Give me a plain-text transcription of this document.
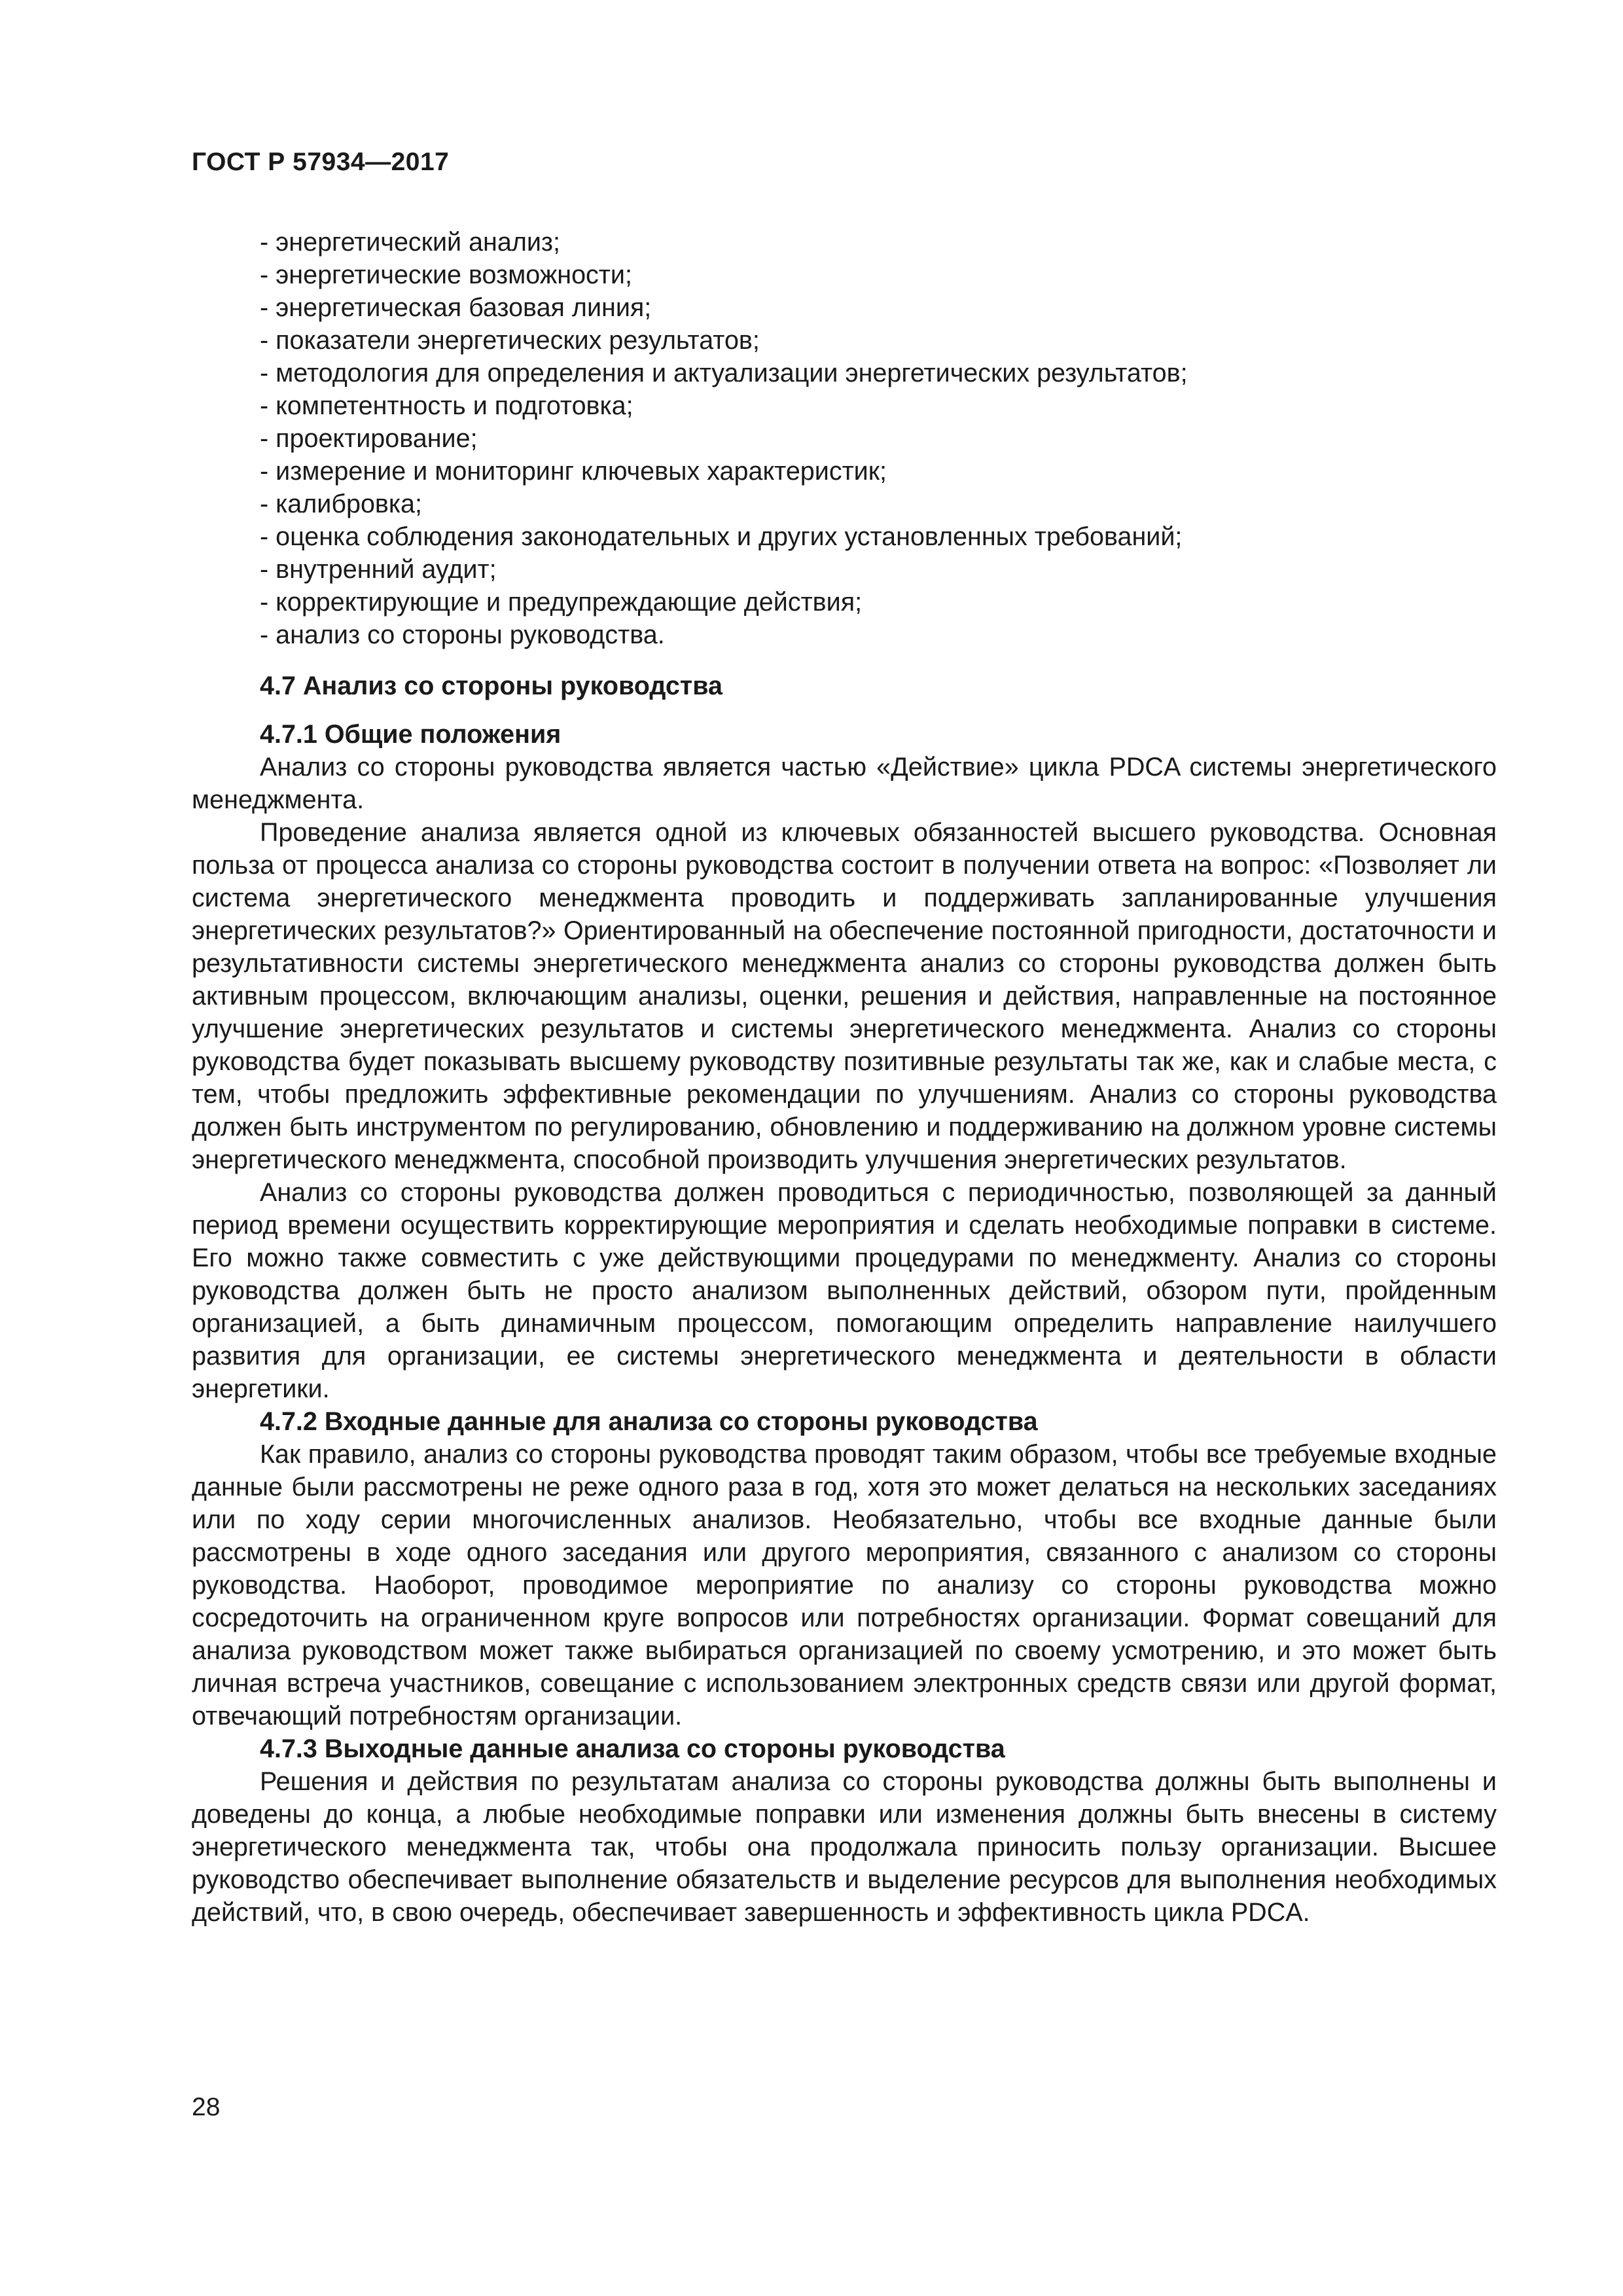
ГОСТ Р 57934—2017
- энергетический анализ;
- энергетические возможности;
- энергетическая базовая линия;
- показатели энергетических результатов;
- методология для определения и актуализации энергетических результатов;
- компетентность и подготовка;
- проектирование;
- измерение и мониторинг ключевых характеристик;
- калибровка;
- оценка соблюдения законодательных и других установленных требований;
- внутренний аудит;
- корректирующие и предупреждающие действия;
- анализ со стороны руководства.

4.7 Анализ со стороны руководства

4.7.1 Общие положения

Анализ со стороны руководства является частью «Действие» цикла PDCA системы энергетического менеджмента.

Проведение анализа является одной из ключевых обязанностей высшего руководства. Основная польза от процесса анализа со стороны руководства состоит в получении ответа на вопрос: «Позволяет ли система энергетического менеджмента проводить и поддерживать запланированные улучшения энергетических результатов?» Ориентированный на обеспечение постоянной пригодности, достаточности и результативности системы энергетического менеджмента анализ со стороны руководства должен быть активным процессом, включающим анализы, оценки, решения и действия, направленные на постоянное улучшение энергетических результатов и системы энергетического менеджмента. Анализ со стороны руководства будет показывать высшему руководству позитивные результаты так же, как и слабые места, с тем, чтобы предложить эффективные рекомендации по улучшениям. Анализ со стороны руководства должен быть инструментом по регулированию, обновлению и поддерживанию на должном уровне системы энергетического менеджмента, способной производить улучшения энергетических результатов.

Анализ со стороны руководства должен проводиться с периодичностью, позволяющей за данный период времени осуществить корректирующие мероприятия и сделать необходимые поправки в системе. Его можно также совместить с уже действующими процедурами по менеджменту. Анализ со стороны руководства должен быть не просто анализом выполненных действий, обзором пути, пройденным организацией, а быть динамичным процессом, помогающим определить направление наилучшего развития для организации, ее системы энергетического менеджмента и деятельности в области энергетики.

4.7.2 Входные данные для анализа со стороны руководства

Как правило, анализ со стороны руководства проводят таким образом, чтобы все требуемые входные данные были рассмотрены не реже одного раза в год, хотя это может делаться на нескольких заседаниях или по ходу серии многочисленных анализов. Необязательно, чтобы все входные данные были рассмотрены в ходе одного заседания или другого мероприятия, связанного с анализом со стороны руководства. Наоборот, проводимое мероприятие по анализу со стороны руководства можно сосредоточить на ограниченном круге вопросов или потребностях организации. Формат совещаний для анализа руководством может также выбираться организацией по своему усмотрению, и это может быть личная встреча участников, совещание с использованием электронных средств связи или другой формат, отвечающий потребностям организации.

4.7.3 Выходные данные анализа со стороны руководства

Решения и действия по результатам анализа со стороны руководства должны быть выполнены и доведены до конца, а любые необходимые поправки или изменения должны быть внесены в систему энергетического менеджмента так, чтобы она продолжала приносить пользу организации. Высшее руководство обеспечивает выполнение обязательств и выделение ресурсов для выполнения необходимых действий, что, в свою очередь, обеспечивает завершенность и эффективность цикла PDCA.

28
